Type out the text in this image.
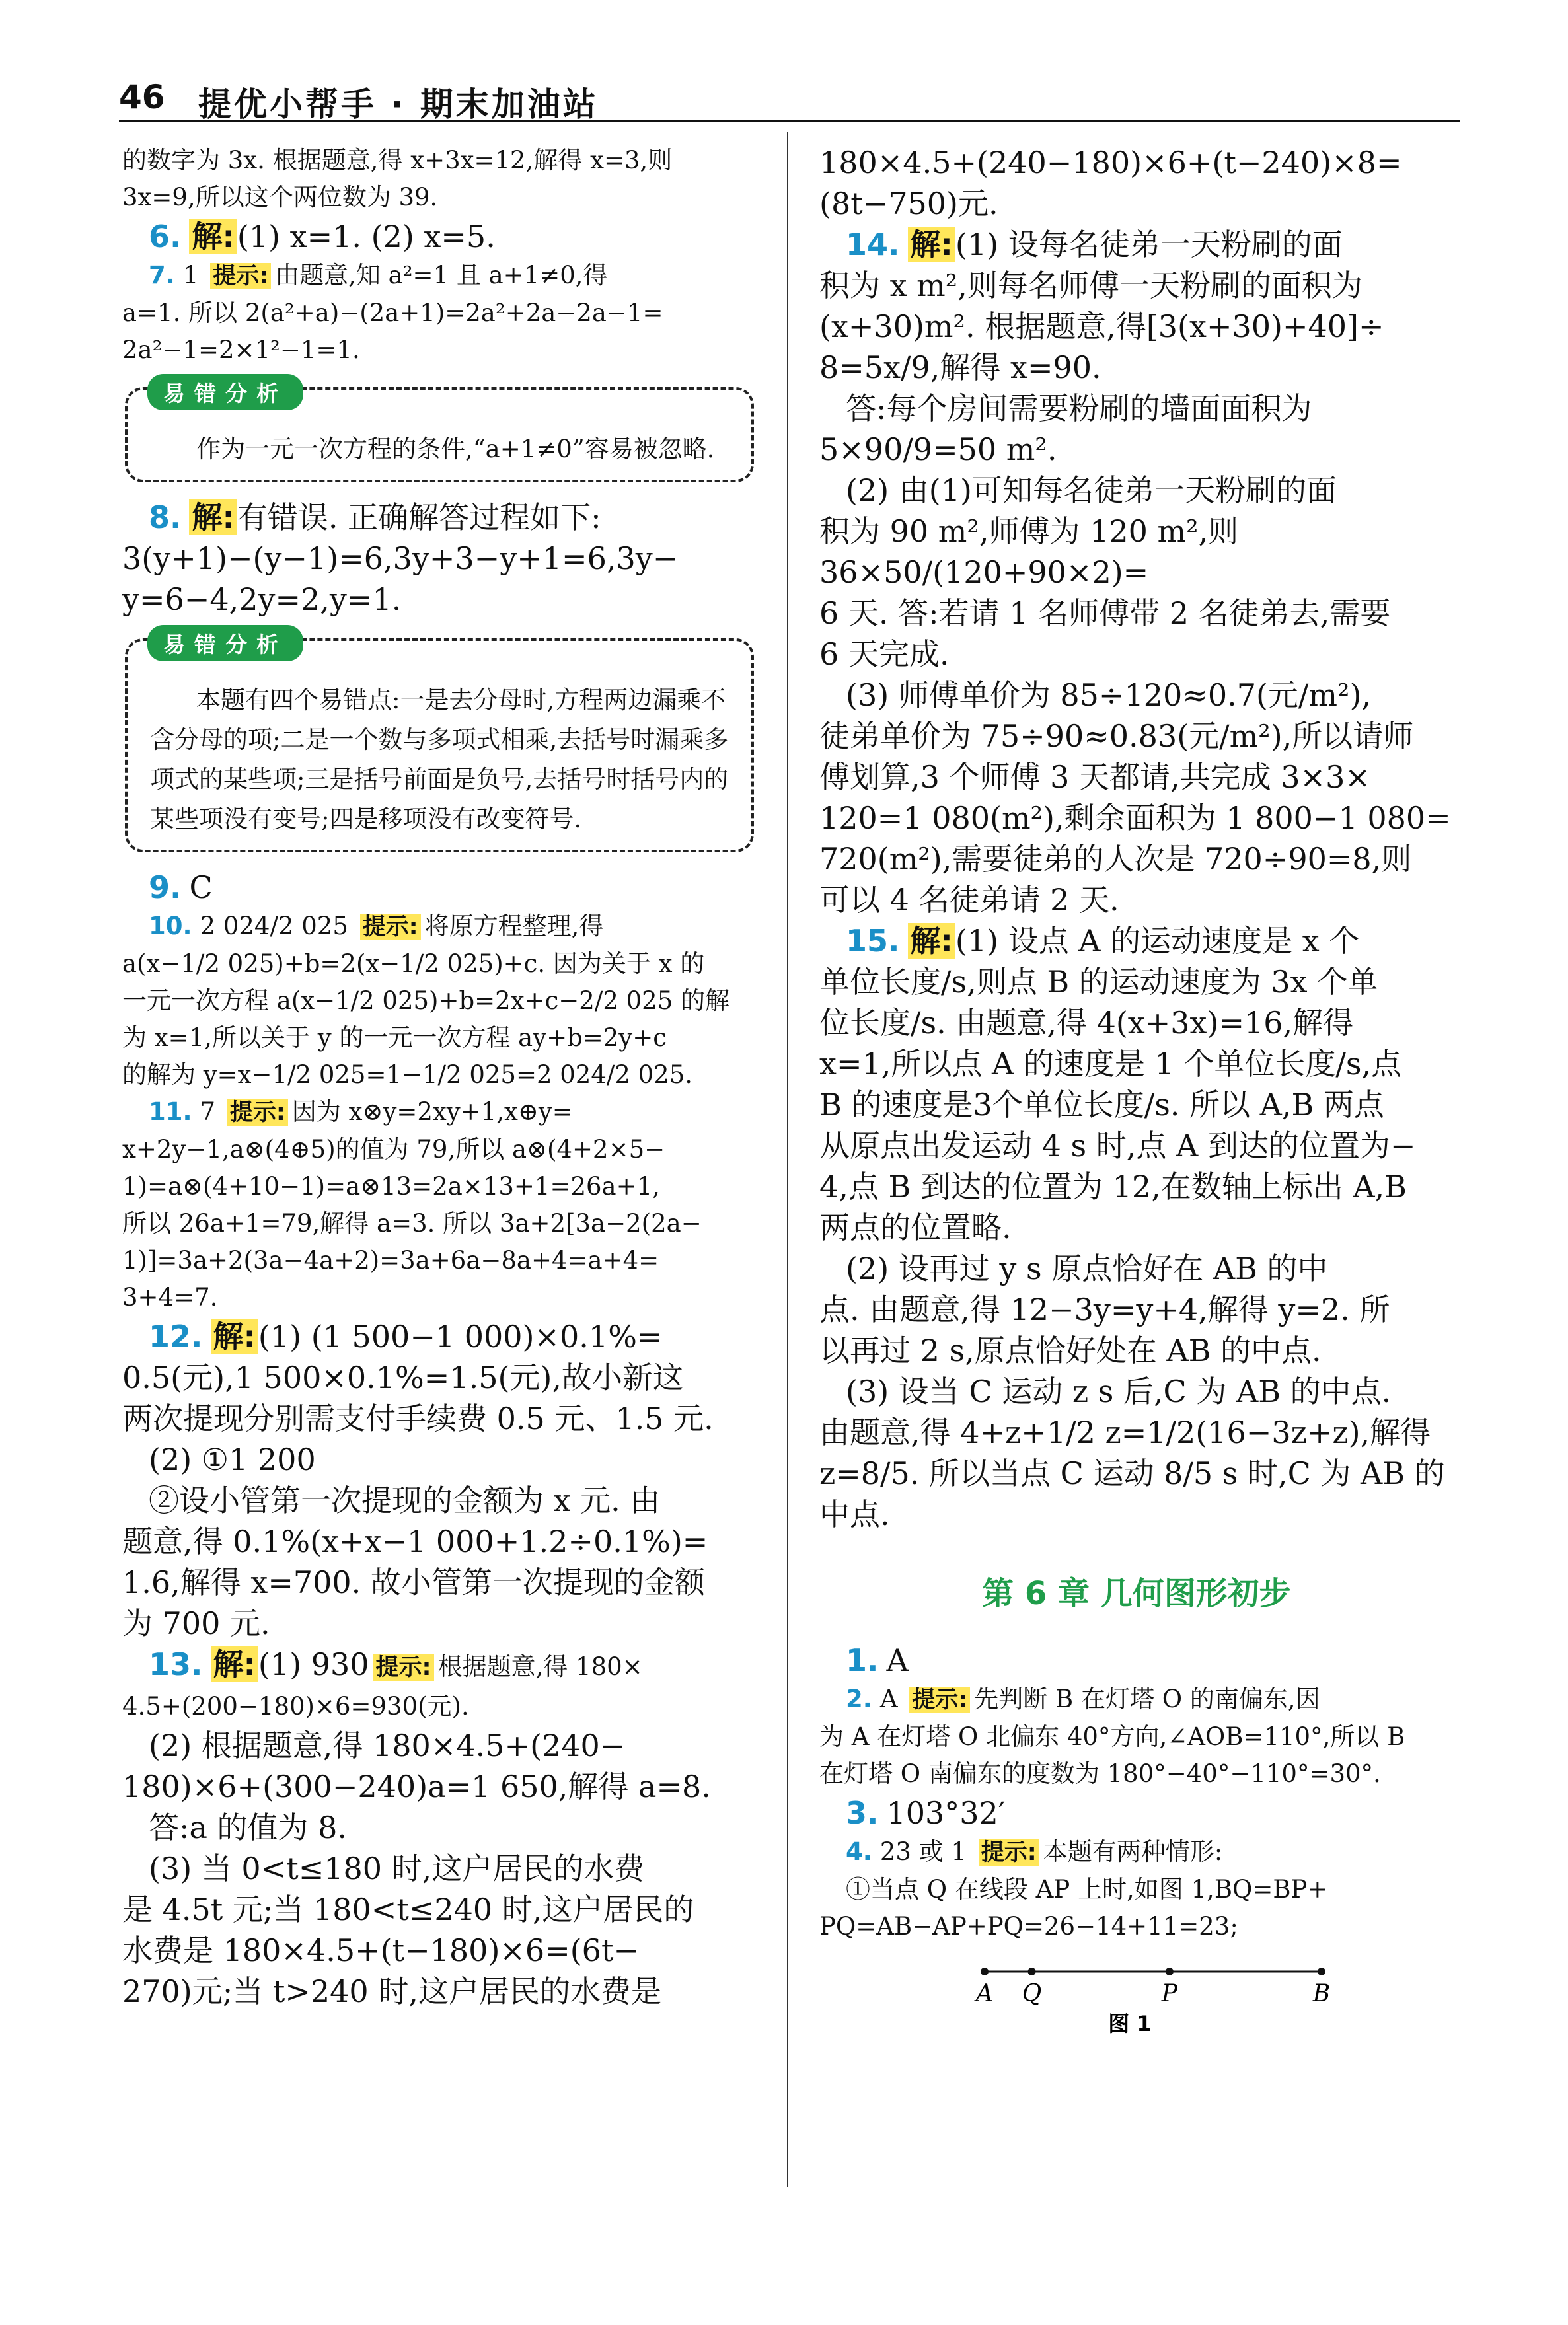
46 提优小帮手 · 期末加油站

的数字为 3x. 根据题意,得 x+3x=12,解得 x=3,则

3x=9,所以这个两位数为 39.

6. 解:(1) x=1. (2) x=5.

7. 1 提示: 由题意,知 a²=1 且 a+1≠0,得

a=1. 所以 2(a²+a)−(2a+1)=2a²+2a−2a−1=

2a²−1=2×1²−1=1.

易错分析

作为一元一次方程的条件,“a+1≠0”容易被忽略.

8. 解:有错误. 正确解答过程如下:

3(y+1)−(y−1)=6,3y+3−y+1=6,3y−

y=6−4,2y=2,y=1.

易错分析

本题有四个易错点:一是去分母时,方程两边漏乘不含分母的项;二是一个数与多项式相乘,去括号时漏乘多项式的某些项;三是括号前面是负号,去括号时括号内的某些项没有变号;四是移项没有改变符号.

9. C

10. 2 024/2 025 提示: 将原方程整理,得

a(x−1/2 025)+b=2(x−1/2 025)+c. 因为关于 x 的

一元一次方程 a(x−1/2 025)+b=2x+c−2/2 025 的解

为 x=1,所以关于 y 的一元一次方程 ay+b=2y+c

的解为 y=x−1/2 025=1−1/2 025=2 024/2 025.

11. 7 提示: 因为 x⊗y=2xy+1,x⊕y=

x+2y−1,a⊗(4⊕5)的值为 79,所以 a⊗(4+2×5−

1)=a⊗(4+10−1)=a⊗13=2a×13+1=26a+1,

所以 26a+1=79,解得 a=3. 所以 3a+2[3a−2(2a−

1)]=3a+2(3a−4a+2)=3a+6a−8a+4=a+4=

3+4=7.

12. 解:(1) (1 500−1 000)×0.1%=

0.5(元),1 500×0.1%=1.5(元),故小新这

两次提现分别需支付手续费 0.5 元、1.5 元.

(2) ①1 200

②设小管第一次提现的金额为 x 元. 由

题意,得 0.1%(x+x−1 000+1.2÷0.1%)=

1.6,解得 x=700. 故小管第一次提现的金额

为 700 元.

13. 解:(1) 930 提示: 根据题意,得 180×

4.5+(200−180)×6=930(元).

(2) 根据题意,得 180×4.5+(240−

180)×6+(300−240)a=1 650,解得 a=8.

答:a 的值为 8.

(3) 当 0<t≤180 时,这户居民的水费

是 4.5t 元;当 180<t≤240 时,这户居民的

水费是 180×4.5+(t−180)×6=(6t−

270)元;当 t>240 时,这户居民的水费是

180×4.5+(240−180)×6+(t−240)×8=

(8t−750)元.

14. 解:(1) 设每名徒弟一天粉刷的面

积为 x m²,则每名师傅一天粉刷的面积为

(x+30)m². 根据题意,得[3(x+30)+40]÷

8=5x/9,解得 x=90.

答:每个房间需要粉刷的墙面面积为

5×90/9=50 m².

(2) 由(1)可知每名徒弟一天粉刷的面

积为 90 m²,师傅为 120 m²,则 36×50/(120+90×2)=

6 天. 答:若请 1 名师傅带 2 名徒弟去,需要

6 天完成.

(3) 师傅单价为 85÷120≈0.7(元/m²),

徒弟单价为 75÷90≈0.83(元/m²),所以请师

傅划算,3 个师傅 3 天都请,共完成 3×3×

120=1 080(m²),剩余面积为 1 800−1 080=

720(m²),需要徒弟的人次是 720÷90=8,则

可以 4 名徒弟请 2 天.

15. 解:(1) 设点 A 的运动速度是 x 个

单位长度/s,则点 B 的运动速度为 3x 个单

位长度/s. 由题意,得 4(x+3x)=16,解得

x=1,所以点 A 的速度是 1 个单位长度/s,点

B 的速度是3个单位长度/s. 所以 A,B 两点

从原点出发运动 4 s 时,点 A 到达的位置为−

4,点 B 到达的位置为 12,在数轴上标出 A,B

两点的位置略.

(2) 设再过 y s 原点恰好在 AB 的中

点. 由题意,得 12−3y=y+4,解得 y=2. 所

以再过 2 s,原点恰好处在 AB 的中点.

(3) 设当 C 运动 z s 后,C 为 AB 的中点.

由题意,得 4+z+1/2 z=1/2(16−3z+z),解得

z=8/5. 所以当点 C 运动 8/5 s 时,C 为 AB 的

中点.

第 6 章 几何图形初步

1. A

2. A 提示: 先判断 B 在灯塔 O 的南偏东,因

为 A 在灯塔 O 北偏东 40°方向,∠AOB=110°,所以 B

在灯塔 O 南偏东的度数为 180°−40°−110°=30°.

3. 103°32′

4. 23 或 1 提示: 本题有两种情形:

①当点 Q 在线段 AP 上时,如图 1,BQ=BP+

PQ=AB−AP+PQ=26−14+11=23;

A Q	P	B
图 1
